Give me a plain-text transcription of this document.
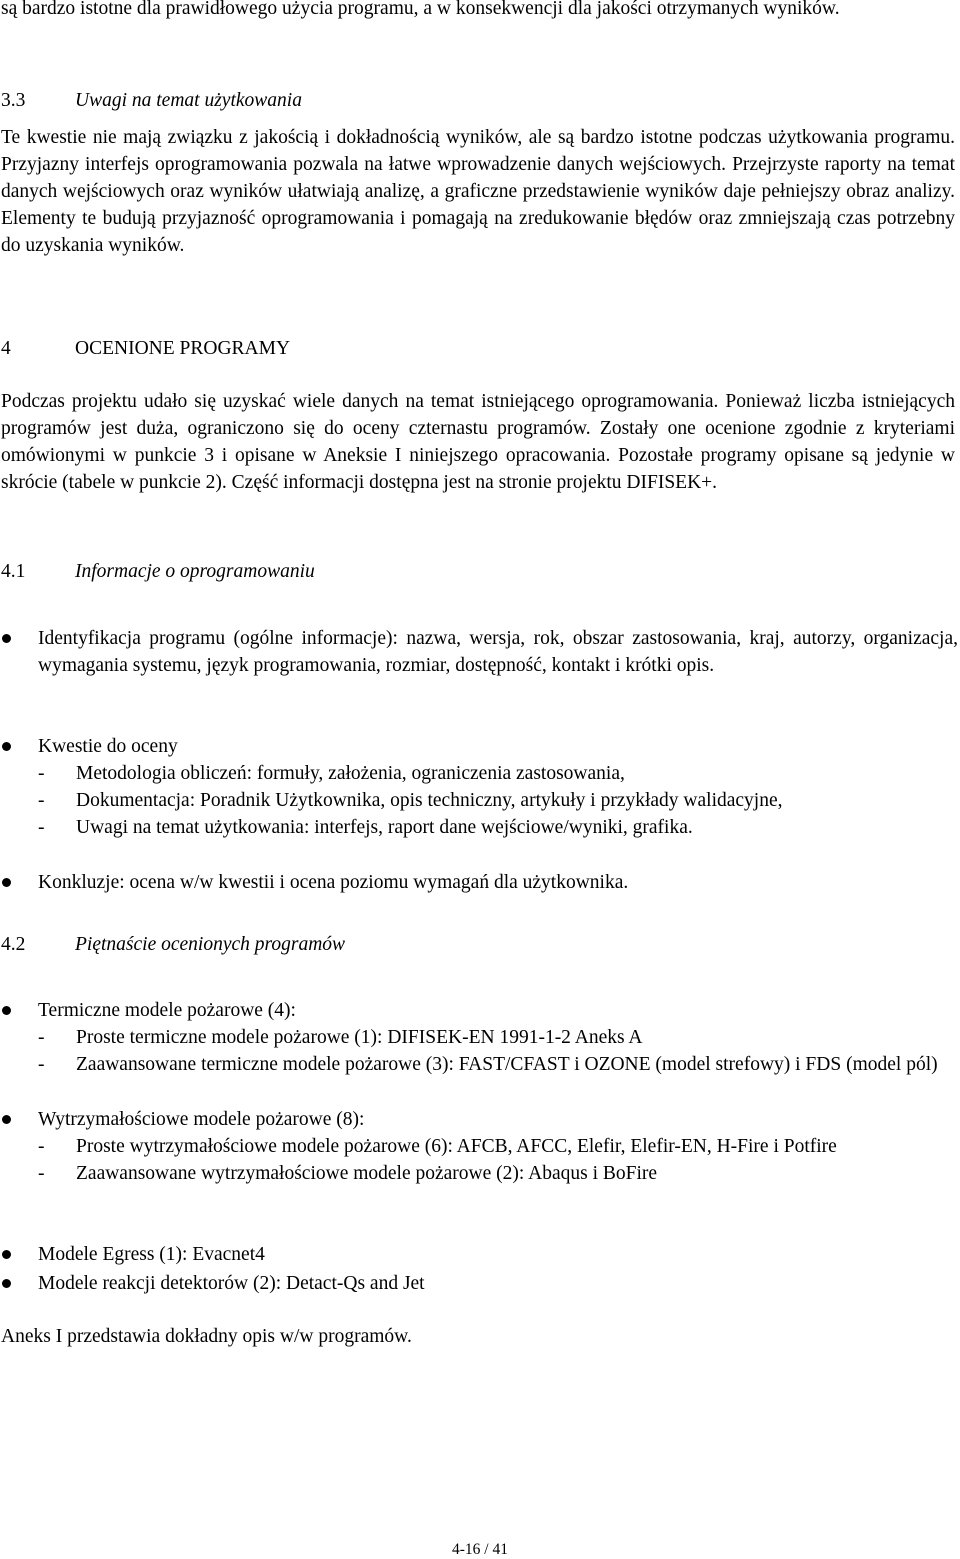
są bardzo istotne dla prawidłowego użycia programu, a w konsekwencji dla jakości otrzymanych wyników.

3.3	Uwagi na temat użytkowania

Te kwestie nie mają związku z jakością i dokładnością wyników, ale są bardzo istotne podczas użytkowania programu. Przyjazny interfejs oprogramowania pozwala na łatwe wprowadzenie danych wejściowych. Przejrzyste raporty na temat danych wejściowych oraz wyników ułatwiają analizę, a graficzne przedstawienie wyników daje pełniejszy obraz analizy. Elementy te budują przyjazność oprogramowania i pomagają na zredukowanie błędów oraz zmniejszają czas potrzebny do uzyskania wyników.

4	OCENIONE PROGRAMY

Podczas projektu udało się uzyskać wiele danych na temat istniejącego oprogramowania. Ponieważ liczba istniejących programów jest duża, ograniczono się do oceny czternastu programów. Zostały one ocenione zgodnie z kryteriami omówionymi w punkcie 3 i opisane w Aneksie I niniejszego opracowania. Pozostałe programy opisane są jedynie w skrócie (tabele w punkcie 2). Część informacji dostępna jest na stronie projektu DIFISEK+.

4.1	Informacje o oprogramowaniu
Identyfikacja programu (ogólne informacje): nazwa, wersja, rok, obszar zastosowania, kraj, autorzy, organizacja, wymagania systemu, język programowania, rozmiar, dostępność, kontakt i krótki opis.
Kwestie do oceny
- Metodologia obliczeń: formuły, założenia, ograniczenia zastosowania,
- Dokumentacja: Poradnik Użytkownika, opis techniczny, artykuły i przykłady walidacyjne,
- Uwagi na temat użytkowania: interfejs, raport dane wejściowe/wyniki, grafika.
Konkluzje: ocena w/w kwestii i ocena poziomu wymagań dla użytkownika.
4.2	Piętnaście ocenionych programów
Termiczne modele pożarowe (4):
- Proste termiczne modele pożarowe (1): DIFISEK-EN 1991-1-2 Aneks A
- Zaawansowane termiczne modele pożarowe (3): FAST/CFAST i OZONE (model strefowy) i FDS (model pól)
Wytrzymałościowe modele pożarowe (8):
- Proste wytrzymałościowe modele pożarowe (6): AFCB, AFCC, Elefir, Elefir-EN, H-Fire i Potfire
- Zaawansowane wytrzymałościowe modele pożarowe (2): Abaqus i BoFire
Modele Egress (1): Evacnet4
Modele reakcji detektorów (2): Detact-Qs and Jet

Aneks I przedstawia dokładny opis w/w programów.

4-16 / 41
